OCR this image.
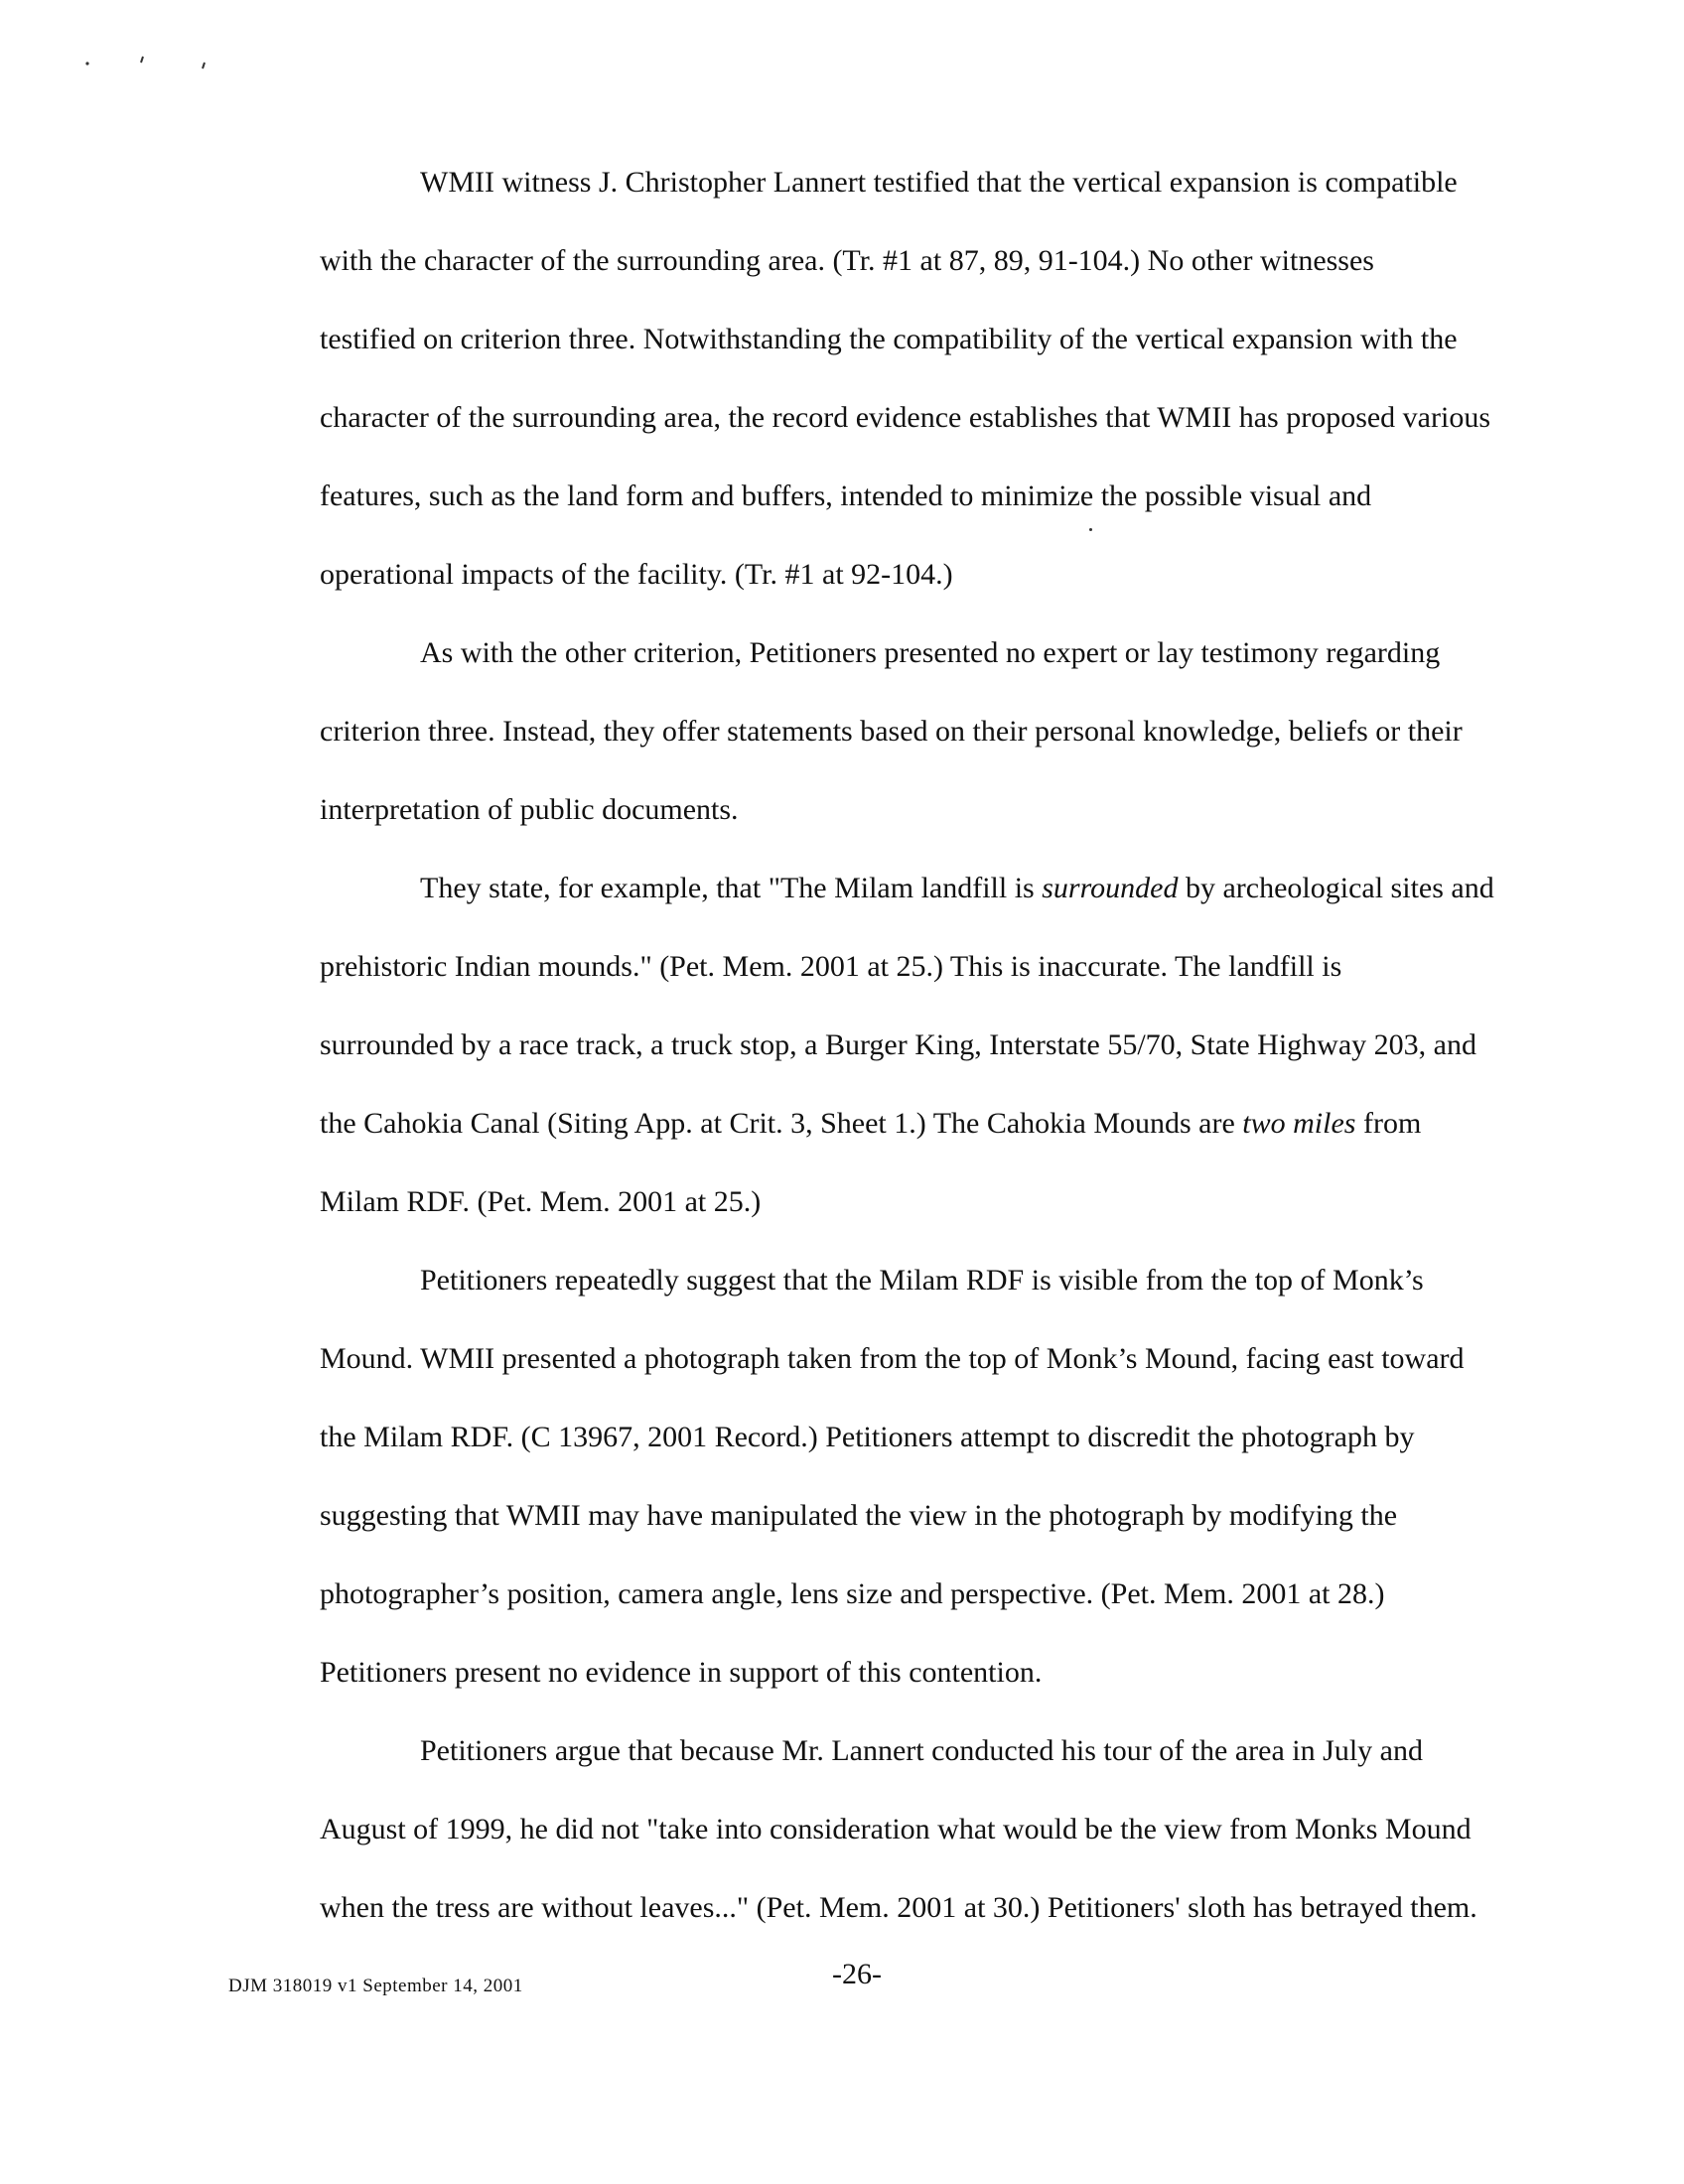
WMII witness J. Christopher Lannert testified that the vertical expansion is compatible
with the character of the surrounding area. (Tr. #1 at 87, 89, 91-104.) No other witnesses
testified on criterion three. Notwithstanding the compatibility of the vertical expansion with the
character of the surrounding area, the record evidence establishes that WMII has proposed various
features, such as the land form and buffers, intended to minimize the possible visual and
operational impacts of the facility. (Tr. #1 at 92-104.)

As with the other criterion, Petitioners presented no expert or lay testimony regarding
criterion three. Instead, they offer statements based on their personal knowledge, beliefs or their
interpretation of public documents.

They state, for example, that "The Milam landfill is surrounded by archeological sites and
prehistoric Indian mounds." (Pet. Mem. 2001 at 25.) This is inaccurate. The landfill is
surrounded by a race track, a truck stop, a Burger King, Interstate 55/70, State Highway 203, and
the Cahokia Canal (Siting App. at Crit. 3, Sheet 1.) The Cahokia Mounds are two miles from
Milam RDF. (Pet. Mem. 2001 at 25.)

Petitioners repeatedly suggest that the Milam RDF is visible from the top of Monk’s
Mound. WMII presented a photograph taken from the top of Monk’s Mound, facing east toward
the Milam RDF. (C 13967, 2001 Record.) Petitioners attempt to discredit the photograph by
suggesting that WMII may have manipulated the view in the photograph by modifying the
photographer’s position, camera angle, lens size and perspective. (Pet. Mem. 2001 at 28.)
Petitioners present no evidence in support of this contention.

Petitioners argue that because Mr. Lannert conducted his tour of the area in July and
August of 1999, he did not "take into consideration what would be the view from Monks Mound
when the tress are without leaves..." (Pet. Mem. 2001 at 30.) Petitioners' sloth has betrayed them.

DJM 318019 v1 September 14, 2001	-26-
